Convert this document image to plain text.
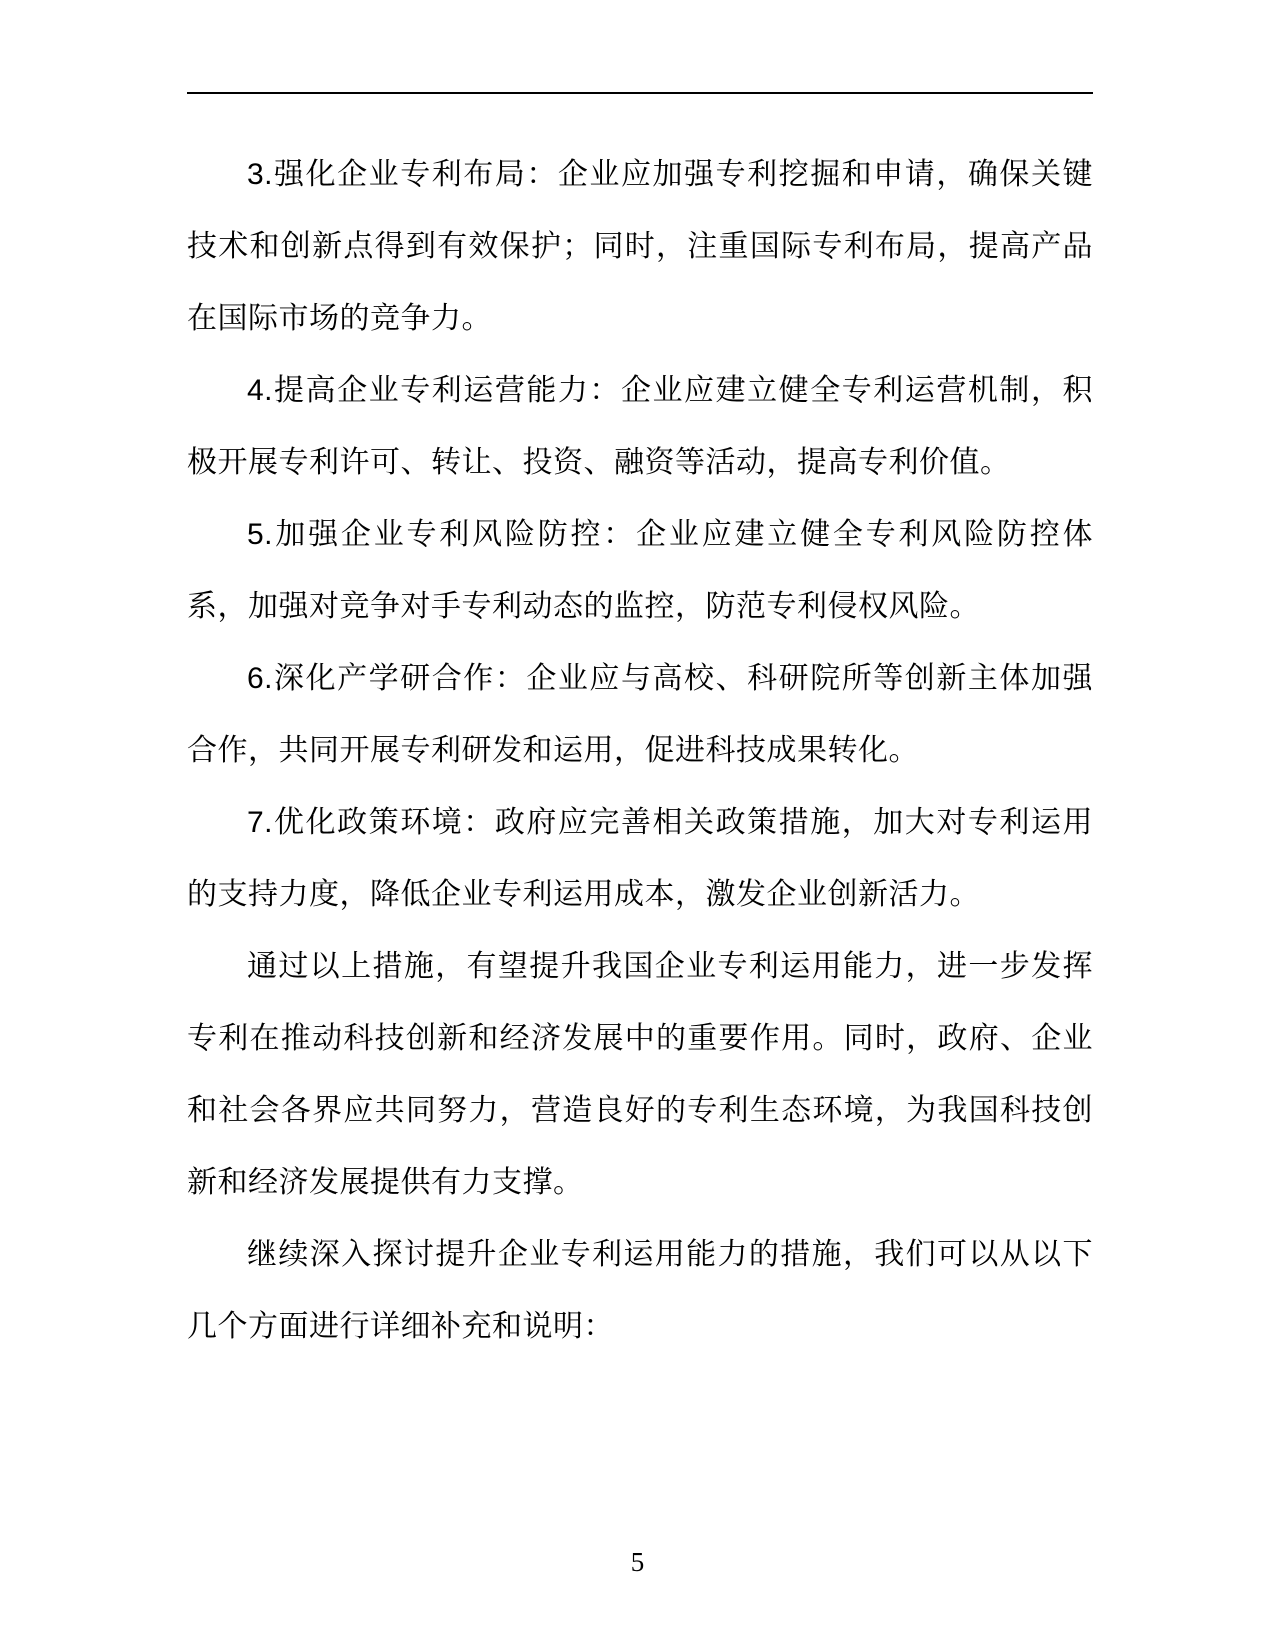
3.强化企业专利布局：企业应加强专利挖掘和申请，确保关键技术和创新点得到有效保护；同时，注重国际专利布局，提高产品在国际市场的竞争力。

4.提高企业专利运营能力：企业应建立健全专利运营机制，积极开展专利许可、转让、投资、融资等活动，提高专利价值。

5.加强企业专利风险防控：企业应建立健全专利风险防控体系，加强对竞争对手专利动态的监控，防范专利侵权风险。

6.深化产学研合作：企业应与高校、科研院所等创新主体加强合作，共同开展专利研发和运用，促进科技成果转化。

7.优化政策环境：政府应完善相关政策措施，加大对专利运用的支持力度，降低企业专利运用成本，激发企业创新活力。

通过以上措施，有望提升我国企业专利运用能力，进一步发挥专利在推动科技创新和经济发展中的重要作用。同时，政府、企业和社会各界应共同努力，营造良好的专利生态环境，为我国科技创新和经济发展提供有力支撑。

继续深入探讨提升企业专利运用能力的措施，我们可以从以下几个方面进行详细补充和说明：

5
